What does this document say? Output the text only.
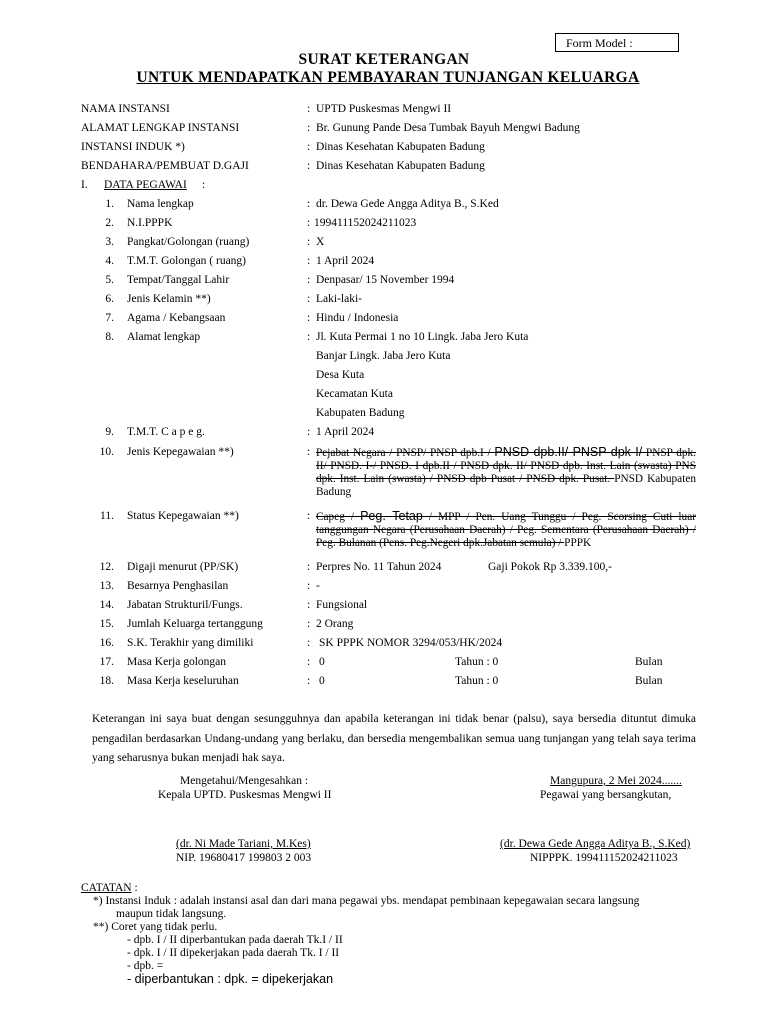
Form Model :
SURAT KETERANGAN
UNTUK MENDAPATKAN PEMBAYARAN TUNJANGAN KELUARGA
NAMA INSTANSI	: UPTD Puskesmas Mengwi II
ALAMAT LENGKAP INSTANSI	: Br. Gunung Pande Desa Tumbak Bayuh Mengwi Badung
INSTANSI INDUK *)	: Dinas Kesehatan Kabupaten Badung
BENDAHARA/PEMBUAT D.GAJI	: Dinas Kesehatan Kabupaten Badung
I. DATA PEGAWAI :
1. Nama lengkap	: dr. Dewa Gede Angga Aditya B., S.Ked
2. N.I.PPPK	: 199411152024211023
3. Pangkat/Golongan (ruang)	: X
4. T.M.T. Golongan ( ruang)	: 1 April 2024
5. Tempat/Tanggal Lahir	: Denpasar/ 15 November 1994
6. Jenis Kelamin **)	: Laki-laki-
7. Agama / Kebangsaan	: Hindu / Indonesia
8. Alamat lengkap	: Jl. Kuta Permai 1 no 10 Lingk. Jaba Jero Kuta
Banjar Lingk. Jaba Jero Kuta
Desa Kuta
Kecamatan Kuta
Kabupaten Badung
9. T.M.T. C a p e g.	: 1 April 2024
10. Jenis Kepegawaian **)	: Pejabat Negara / PNSP/ PNSP dpb.I / PNSD dpb.II/ PNSP dpk I/ PNSP dpk. II/ PNSD. I-/ PNSD. I dpb.II / PNSD dpk. II/ PNSD dpb. Inst. Lain (swasta) PNS dpk. Inst. Lain (swasta) / PNSD dpb Pusat / PNSD dpk. Pusat. PNSD Kabupaten Badung
11. Status Kepegawaian **)	: Capeg / Peg. Tetap / MPP / Pen. Uang Tunggu / Peg. Scorsing Cuti luar tanggungan Negara (Perusahaan Daerah) / Peg. Sementara (Perusahaan Daerah) / Peg. Bulanan (Pens. Peg.Negeri dpk.Jabatan semula) / PPPK
12. Digaji menurut (PP/SK)	: Perpres No. 11 Tahun 2024	Gaji Pokok Rp 3.339.100,-
13. Besarnya Penghasilan	: -
14. Jabatan Strukturil/Fungs.	: Fungsional
15. Jumlah Keluarga tertanggung	: 2 Orang
16. S.K. Terakhir yang dimiliki	: SK PPPK NOMOR 3294/053/HK/2024
17. Masa Kerja golongan	: 0	Tahun : 0	Bulan
18. Masa Kerja keseluruhan	: 0	Tahun : 0	Bulan
Keterangan ini saya buat dengan sesungguhnya dan apabila keterangan ini tidak benar (palsu), saya bersedia dituntut dimuka pengadilan berdasarkan Undang-undang yang berlaku, dan bersedia mengembalikan semua uang tunjangan yang telah saya terima yang seharusnya bukan menjadi hak saya.
Mengetahui/Mengesahkan :
Kepala UPTD. Puskesmas Mengwi II
Mangupura, 2 Mei 2024.......
Pegawai yang bersangkutan,
(dr. Ni Made Tariani, M.Kes)
NIP. 19680417 199803 2 003
(dr. Dewa Gede Angga Aditya B., S.Ked)
NIPPPK. 199411152024211023
CATATAN :
*) Instansi Induk : adalah instansi asal dan dari mana pegawai ybs. mendapat pembinaan kepegawaian secara langsung
maupun tidak langsung.
**) Coret yang tidak perlu.
- dpb. I / II diperbantukan pada daerah Tk.I / II
- dpk. I / II dipekerjakan pada daerah Tk. I / II
- dpb. =
- diperbantukan : dpk. = dipekerjakan
